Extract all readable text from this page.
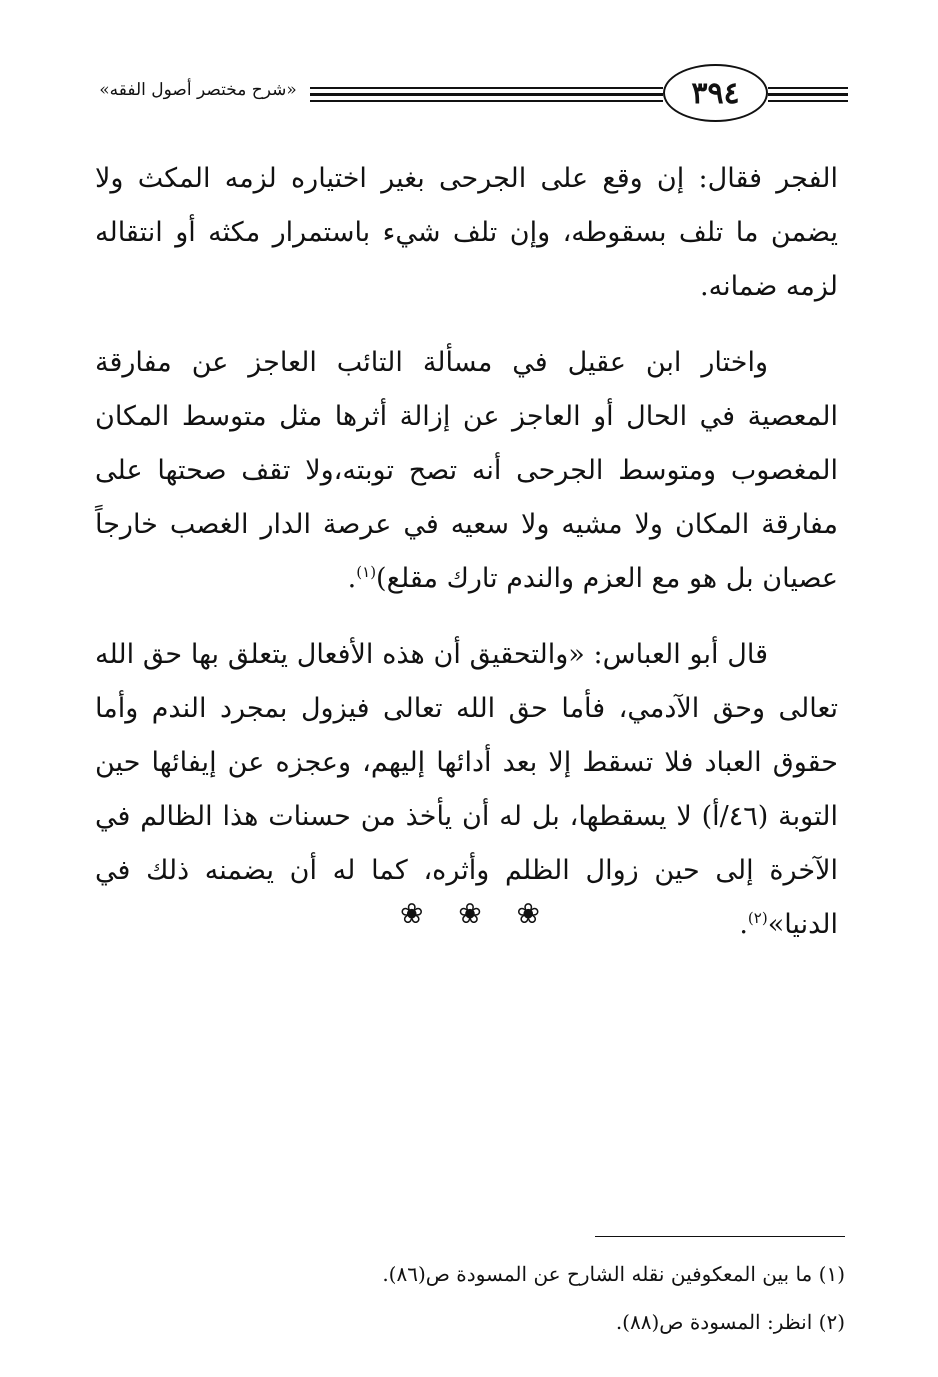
«شرح مختصر أصول الفقه»	٣٩٤

الفجر فقال: إن وقع على الجرحى بغير اختياره لزمه المكث ولا يضمن ما تلف بسقوطه، وإن تلف شيء باستمرار مكثه أو انتقاله لزمه ضمانه.

واختار ابن عقيل في مسألة التائب العاجز عن مفارقة المعصية في الحال أو العاجز عن إزالة أثرها مثل متوسط المكان المغصوب ومتوسط الجرحى أنه تصح توبته،ولا تقف صحتها على مفارقة المكان ولا مشيه ولا سعيه في عرصة الدار الغصب خارجاً عصيان بل هو مع العزم والندم تارك مقلع)$^{(١)}$.

قال أبو العباس: «والتحقيق أن هذه الأفعال يتعلق بها حق الله تعالى وحق الآدمي، فأما حق الله تعالى فيزول بمجرد الندم وأما حقوق العباد فلا تسقط إلا بعد أدائها إليهم، وعجزه عن إيفائها حين التوبة (٤٦/أ) لا يسقطها، بل له أن يأخذ من حسنات هذا الظالم في الآخرة إلى حين زوال الظلم وأثره، كما له أن يضمنه ذلك في الدنيا»$^{(٢)}$.

❀ ❀ ❀
(١) ما بين المعكوفين نقله الشارح عن المسودة ص(٨٦).
(٢) انظر: المسودة ص(٨٨).
